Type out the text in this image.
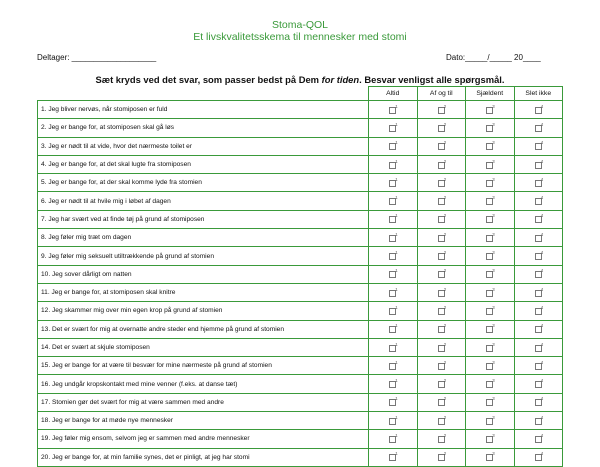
Stoma-QOL
Et livskvalitetsskema til mennesker med stomi
Deltager: ___________________	Dato:_____/_____ 20____
Sæt kryds ved det svar, som passer bedst på Dem for tiden. Besvar venligst alle spørgsmål.
	Altid	Af og til	Sjældent	Slet ikke
1. Jeg bliver nervøs, når stomiposen er fuld	1	2	3	4

2. Jeg er bange for, at stomiposen skal gå løs	1	2	3	4

3. Jeg er nødt til at vide, hvor det nærmeste toilet er	1	2	3	4

4. Jeg er bange for, at det skal lugte fra stomiposen	1	2	3	4

5. Jeg er bange for, at der skal komme lyde fra stomien	1	2	3	4

6. Jeg er nødt til at hvile mig i løbet af dagen	1	2	3	4

7. Jeg har svært ved at finde tøj på grund af stomiposen	1	2	3	4

8. Jeg føler mig træt om dagen	1	2	3	4

9. Jeg føler mig seksuelt utiltrækkende på grund af stomien	1	2	3	4

10. Jeg sover dårligt om natten	1	2	3	4

11. Jeg er bange for, at stomiposen skal knitre	1	2	3	4

12. Jeg skammer mig over min egen krop på grund af stomien	1	2	3	4

13. Det er svært for mig at overnatte andre steder end hjemme på grund af stomien	1	2	3	4

14. Det er svært at skjule stomiposen	1	2	3	4

15. Jeg er bange for at være til besvær for mine nærmeste på grund af stomien	1	2	3	4

16. Jeg undgår kropskontakt med mine venner (f.eks. at danse tæt)	1	2	3	4

17. Stomien gør det svært for mig at være sammen med andre	1	2	3	4

18. Jeg er bange for at møde nye mennesker	1	2	3	4

19. Jeg føler mig ensom, selvom jeg er sammen med andre mennesker	1	2	3	4

20. Jeg er bange for, at min familie synes, det er pinligt, at jeg har stomi	1	2	3	4
